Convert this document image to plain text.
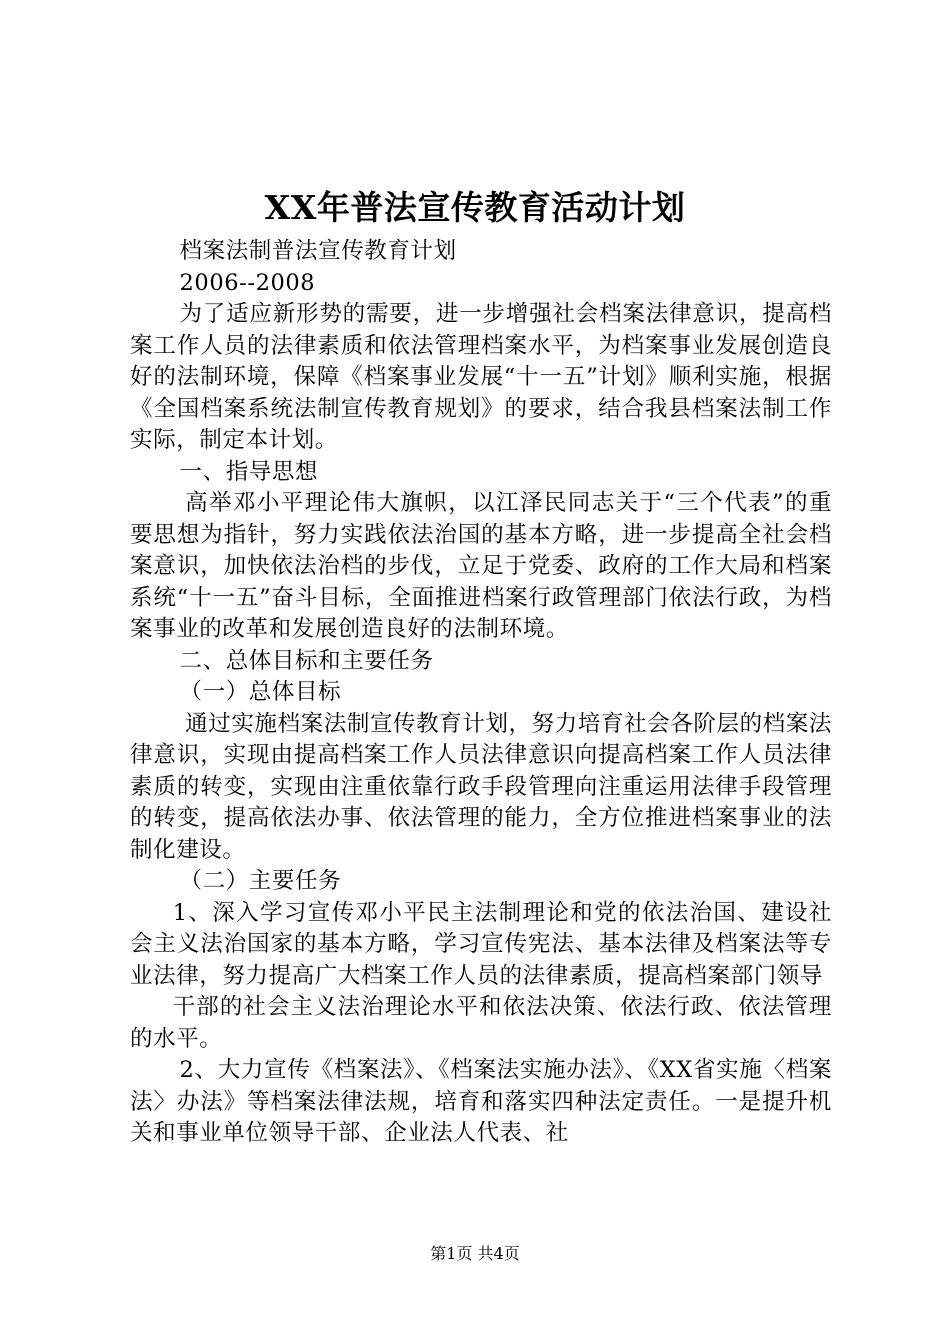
XX年普法宣传教育活动计划

档案法制普法宣传教育计划

2006--2008

为了适应新形势的需要，进一步增强社会档案法律意识，提高档案工作人员的法律素质和依法管理档案水平，为档案事业发展创造良好的法制环境，保障《档案事业发展“十一五”计划》顺利实施，根据《全国档案系统法制宣传教育规划》的要求，结合我县档案法制工作实际，制定本计划。

一、指导思想

高举邓小平理论伟大旗帜，以江泽民同志关于“三个代表”的重要思想为指针，努力实践依法治国的基本方略，进一步提高全社会档案意识，加快依法治档的步伐，立足于党委、政府的工作大局和档案系统“十一五”奋斗目标，全面推进档案行政管理部门依法行政，为档案事业的改革和发展创造良好的法制环境。

二、总体目标和主要任务

（一）总体目标

通过实施档案法制宣传教育计划，努力培育社会各阶层的档案法律意识，实现由提高档案工作人员法律意识向提高档案工作人员法律素质的转变，实现由注重依靠行政手段管理向注重运用法律手段管理的转变，提高依法办事、依法管理的能力，全方位推进档案事业的法制化建设。

（二）主要任务

1、深入学习宣传邓小平民主法制理论和党的依法治国、建设社会主义法治国家的基本方略，学习宣传宪法、基本法律及档案法等专业法律，努力提高广大档案工作人员的法律素质，提高档案部门领导

干部的社会主义法治理论水平和依法决策、依法行政、依法管理的水平。

2、大力宣传《档案法》、《档案法实施办法》、《XX省实施〈档案法〉办法》等档案法律法规，培育和落实四种法定责任。一是提升机关和事业单位领导干部、企业法人代表、社

第1页 共4页
